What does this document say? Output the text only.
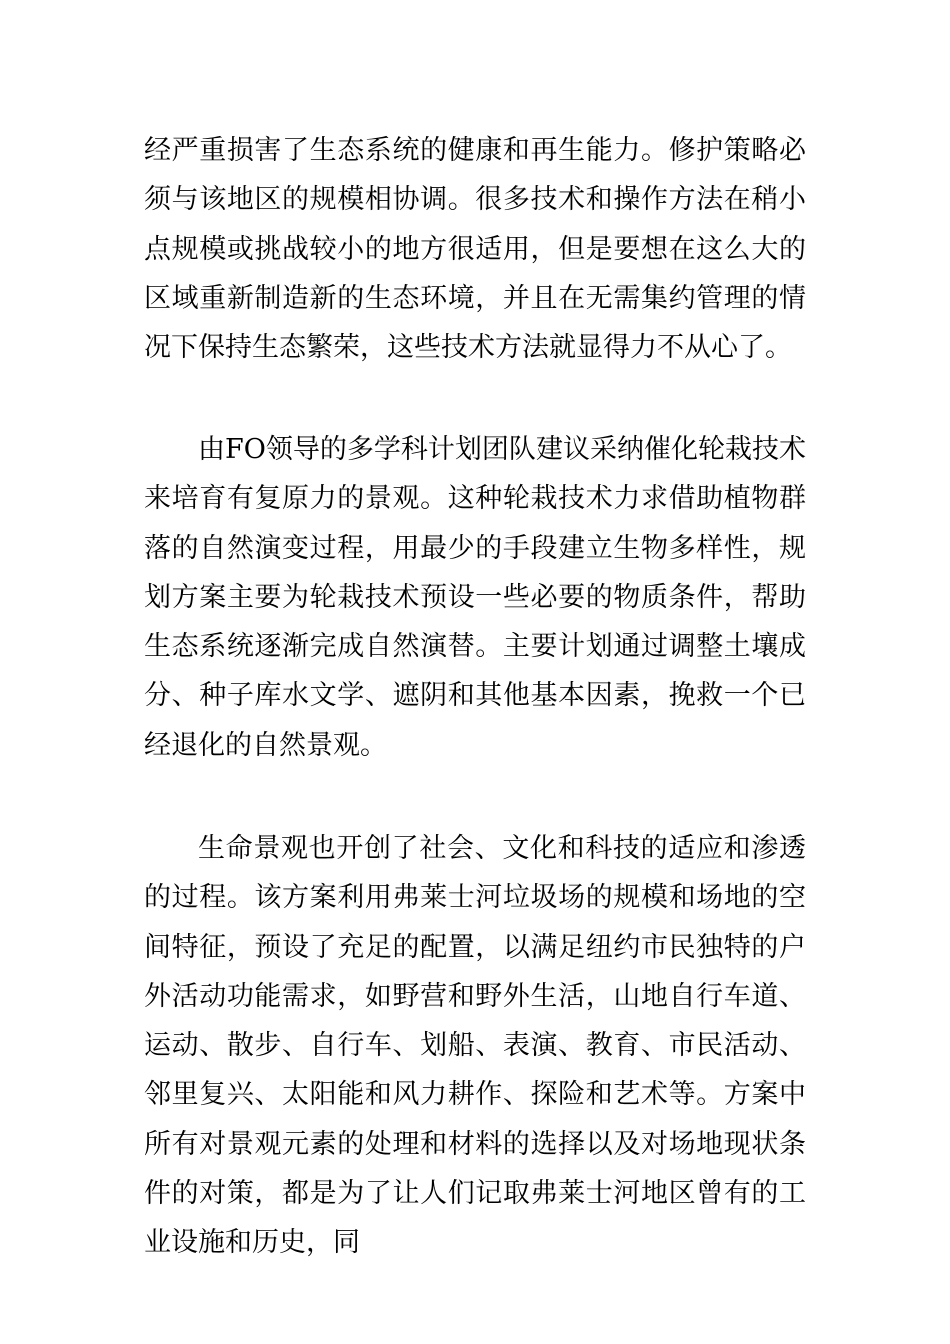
经严重损害了生态系统的健康和再生能力。修护策略必须与该地区的规模相协调。很多技术和操作方法在稍小点规模或挑战较小的地方很适用，但是要想在这么大的区域重新制造新的生态环境，并且在无需集约管理的情况下保持生态繁荣，这些技术方法就显得力不从心了。

由FO领导的多学科计划团队建议采纳催化轮栽技术来培育有复原力的景观。这种轮栽技术力求借助植物群落的自然演变过程，用最少的手段建立生物多样性，规划方案主要为轮栽技术预设一些必要的物质条件，帮助生态系统逐渐完成自然演替。主要计划通过调整土壤成分、种子库水文学、遮阴和其他基本因素，挽救一个已经退化的自然景观。

生命景观也开创了社会、文化和科技的适应和渗透的过程。该方案利用弗莱士河垃圾场的规模和场地的空间特征，预设了充足的配置，以满足纽约市民独特的户外活动功能需求，如野营和野外生活，山地自行车道、运动、散步、自行车、划船、表演、教育、市民活动、邻里复兴、太阳能和风力耕作、探险和艺术等。方案中所有对景观元素的处理和材料的选择以及对场地现状条件的对策，都是为了让人们记取弗莱士河地区曾有的工业设施和历史，同
